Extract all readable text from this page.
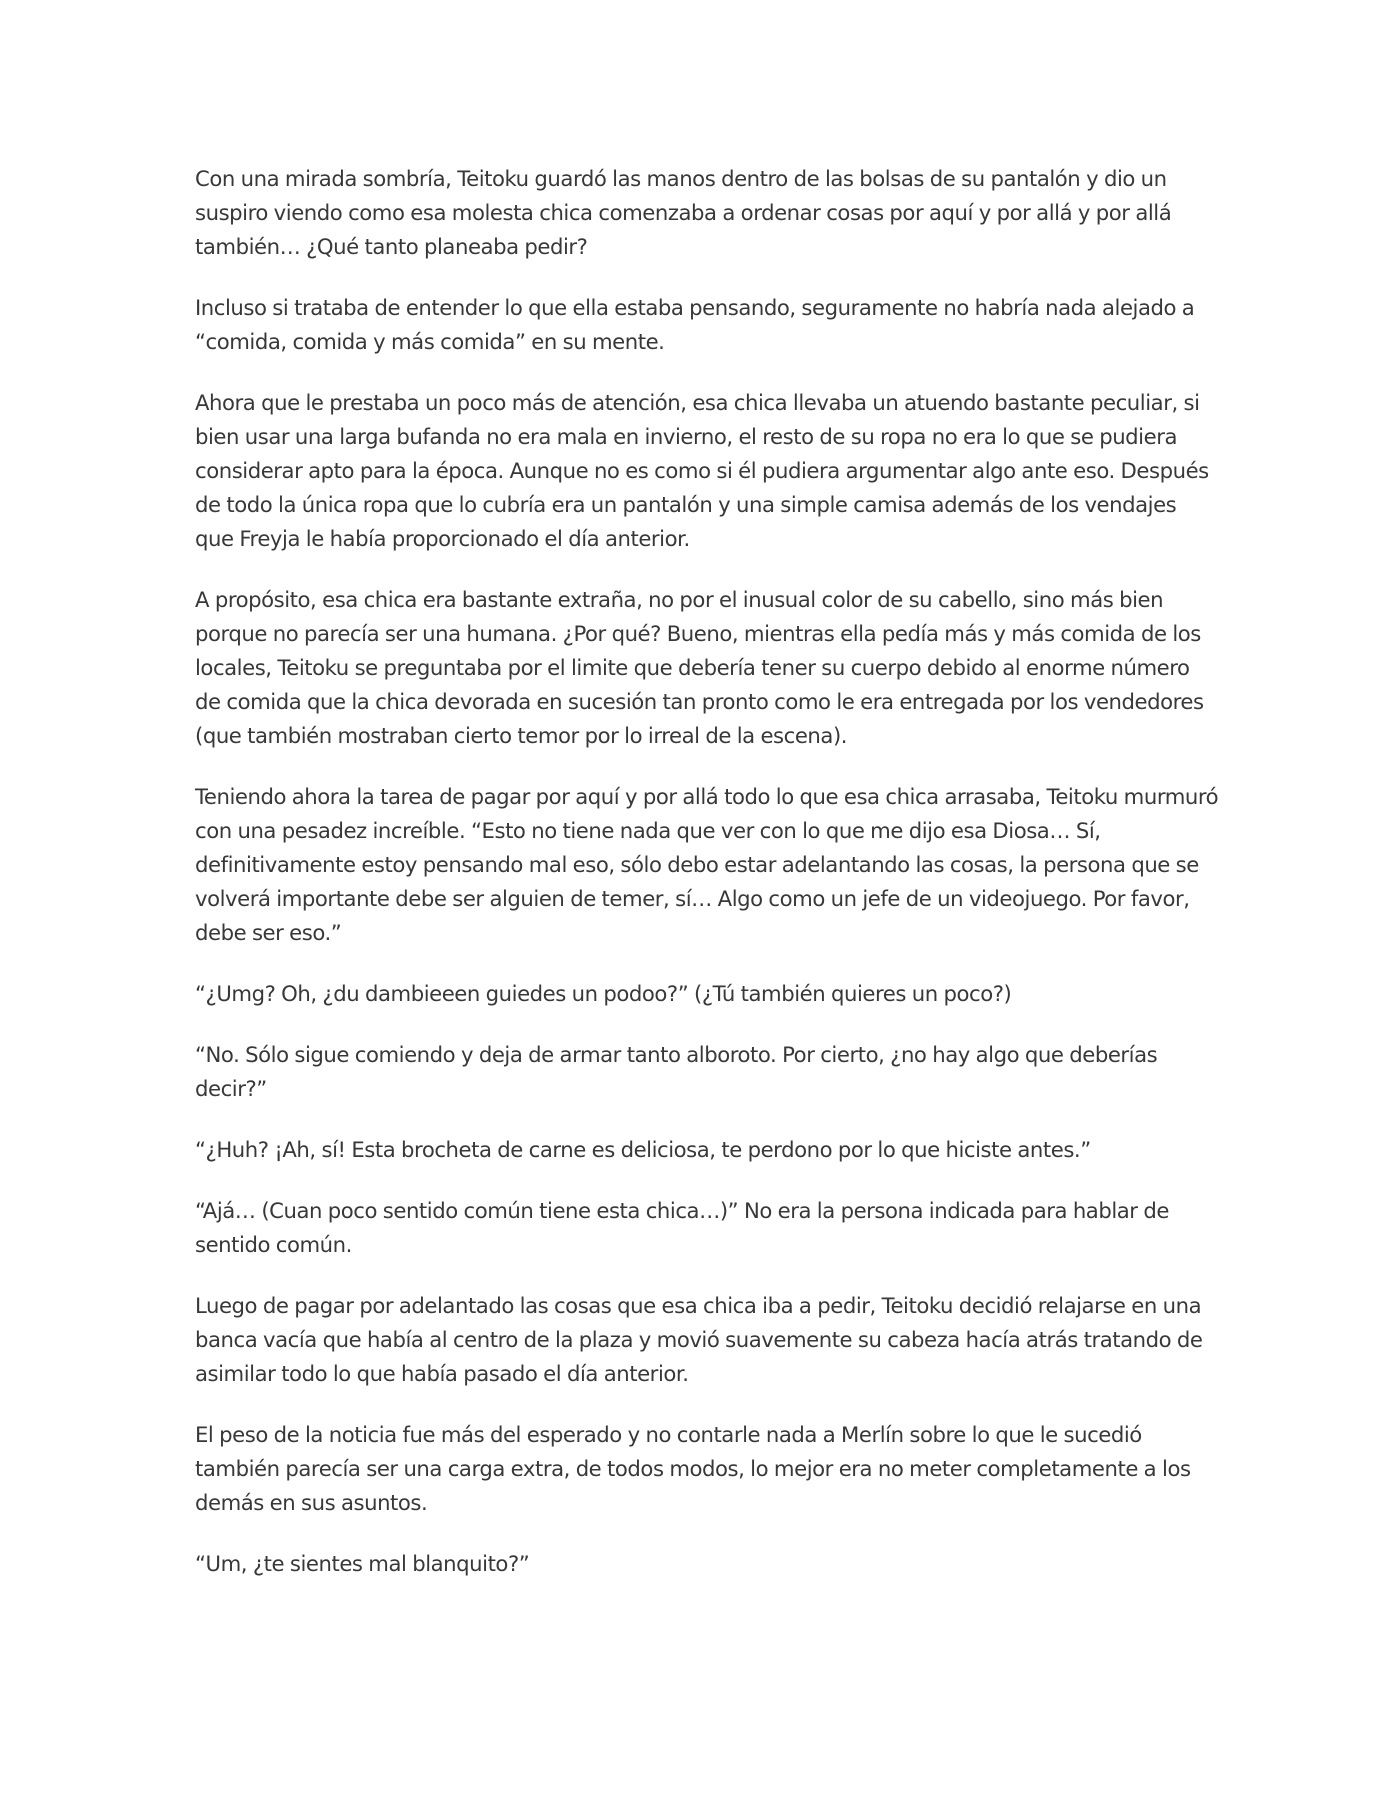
Con una mirada sombría, Teitoku guardó las manos dentro de las bolsas de su pantalón y dio un suspiro viendo como esa molesta chica comenzaba a ordenar cosas por aquí y por allá y por allá también… ¿Qué tanto planeaba pedir?

Incluso si trataba de entender lo que ella estaba pensando, seguramente no habría nada alejado a “comida, comida y más comida” en su mente.

Ahora que le prestaba un poco más de atención, esa chica llevaba un atuendo bastante peculiar, si bien usar una larga bufanda no era mala en invierno, el resto de su ropa no era lo que se pudiera considerar apto para la época. Aunque no es como si él pudiera argumentar algo ante eso. Después de todo la única ropa que lo cubría era un pantalón y una simple camisa además de los vendajes que Freyja le había proporcionado el día anterior.

A propósito, esa chica era bastante extraña, no por el inusual color de su cabello, sino más bien porque no parecía ser una humana. ¿Por qué? Bueno, mientras ella pedía más y más comida de los locales, Teitoku se preguntaba por el limite que debería tener su cuerpo debido al enorme número de comida que la chica devorada en sucesión tan pronto como le era entregada por los vendedores (que también mostraban cierto temor por lo irreal de la escena).

Teniendo ahora la tarea de pagar por aquí y por allá todo lo que esa chica arrasaba, Teitoku murmuró con una pesadez increíble. “Esto no tiene nada que ver con lo que me dijo esa Diosa… Sí, definitivamente estoy pensando mal eso, sólo debo estar adelantando las cosas, la persona que se volverá importante debe ser alguien de temer, sí… Algo como un jefe de un videojuego. Por favor, debe ser eso.”

“¿Umg? Oh, ¿du dambieeen guiedes un podoo?” (¿Tú también quieres un poco?)

“No. Sólo sigue comiendo y deja de armar tanto alboroto. Por cierto, ¿no hay algo que deberías decir?”

“¿Huh? ¡Ah, sí! Esta brocheta de carne es deliciosa, te perdono por lo que hiciste antes.”

“Ajá… (Cuan poco sentido común tiene esta chica…)” No era la persona indicada para hablar de sentido común.

Luego de pagar por adelantado las cosas que esa chica iba a pedir, Teitoku decidió relajarse en una banca vacía que había al centro de la plaza y movió suavemente su cabeza hacía atrás tratando de asimilar todo lo que había pasado el día anterior.

El peso de la noticia fue más del esperado y no contarle nada a Merlín sobre lo que le sucedió también parecía ser una carga extra, de todos modos, lo mejor era no meter completamente a los demás en sus asuntos.

“Um, ¿te sientes mal blanquito?”
